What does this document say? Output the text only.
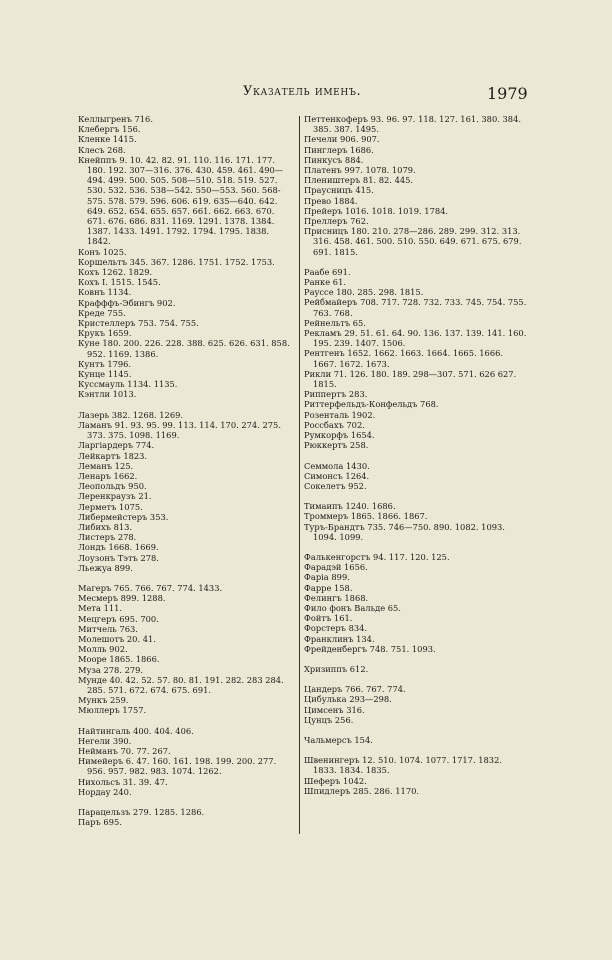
Указатель именъ.	1979

Келлыгренъ 716.

Клебергъ 156.

Кленке 1415.

Клесъ 268.

Кнейппъ 9. 10. 42. 82. 91. 110. 116. 171. 177. 180. 192. 307—316. 376. 430. 459. 461. 490—494. 499. 500. 505. 508—510. 518. 519. 527. 530. 532. 536. 538—542. 550—553. 560. 568-575. 578. 579. 596. 606. 619. 635—640. 642. 649. 652. 654. 655. 657. 661. 662. 663. 670. 671. 676. 686. 831. 1169. 1291. 1378. 1384. 1387. 1433. 1491. 1792. 1794. 1795. 1838. 1842.

Конъ 1025.

Коршельтъ 345. 367. 1286. 1751. 1752. 1753.

Кохъ 1262. 1829.

Кохъ I. 1515. 1545.

Ковнъ 1134.

Крафффъ-Эбингъ 902.

Креде 755.

Кристеллеръ 753. 754. 755.

Крукъ 1659.

Куне 180. 200. 226. 228. 388. 625. 626. 631. 858. 952. 1169. 1386.

Кунтъ 1796.

Кунце 1145.

Куссмауль 1134. 1135.

Кэнтли 1013.

Лазерь 382. 1268. 1269.

Ламанъ 91. 93. 95. 99. 113. 114. 170. 274. 275. 373. 375. 1098. 1169.

Ларгіардеръ 774.

Лейкартъ 1823.

Леманъ 125.

Ленаръ 1662.

Леопольдъ 950.

Леренкраузъ 21.

Лерметъ 1075.

Либермейстеръ 353.

Либихъ 813.

Листеръ 278.

Лондъ 1668. 1669.

Лоузонъ Тэтъ 278.

Льежуа 899.

Магеръ 765. 766. 767. 774. 1433.

Месмеръ 899. 1288.

Мета 111.

Мецгеръ 695. 700.

Митчель 763.

Молешотъ 20. 41.

Молль 902.

Мооре 1865. 1866.

Муза 278. 279.

Мунде 40. 42. 52. 57. 80. 81. 191. 282. 283 284. 285. 571. 672. 674. 675. 691.

Мункъ 259.

Мюллеръ 1757.

Найтингаль 400. 404. 406.

Негели 390.

Нейманъ 70. 77. 267.

Нимейеръ 6. 47. 160. 161. 198. 199. 200. 277. 956. 957. 982. 983. 1074. 1262.

Нихольсъ 31. 39. 47.

Нордау 240.

Парацельзъ 279. 1285. 1286.

Паръ 695.

Петтенкоферъ 93. 96. 97. 118. 127. 161. 380. 384. 385. 387. 1495.

Печели 906. 907.

Пинглеръ 1686.

Пинкусъ 884.

Платенъ 997. 1078. 1079.

Плеништеръ 81. 82. 445.

Праусницъ 415.

Прево 1884.

Прейеръ 1016. 1018. 1019. 1784.

Преллеръ 762.

Присницъ 180. 210. 278—286. 289. 299. 312. 313. 316. 458. 461. 500. 510. 550. 649. 671. 675. 679. 691. 1815.

Раабе 691.

Ранке 61.

Рауссе 180. 285. 298. 1815.

Рейбмайеръ 708. 717. 728. 732. 733. 745. 754. 755. 763. 768.

Рейнельтъ 65.

Рекламъ 29. 51. 61. 64. 90. 136. 137. 139. 141. 160. 195. 239. 1407. 1506.

Рентгенъ 1652. 1662. 1663. 1664. 1665. 1666. 1667. 1672. 1673.

Рикли 71. 126. 180. 189. 298—307. 571. 626 627. 1815.

Риппертъ 283.

Риттерфельдъ-Конфельдъ 768.

Розенталь 1902.

Россбахъ 702.

Румкорфъ 1654.

Рюккертъ 258.

Семмола 1430.

Симонсъ 1264.

Сокелетъ 952.

Тимаипъ 1240. 1686.

Троммеръ 1865. 1866. 1867.

Туръ-Брандтъ 735. 746—750. 890. 1082. 1093. 1094. 1099.

Фалькенгорстъ 94. 117. 120. 125.

Фарадэй 1656.

Фаріа 899.

Фарре 158.

Фелингъ 1868.

Фило фонъ Вальде 65.

Фойтъ 161.

Форстеръ 834.

Франклинъ 134.

Фрейденбергъ 748. 751. 1093.

Хризиппъ 612.

Цандеръ 766. 767. 774.

Цибулька 293—298.

Цимсенъ 316.

Цунцъ 256.

Чальмерсъ 154.

Швенингеръ 12. 510. 1074. 1077. 1717. 1832. 1833. 1834. 1835.

Шеферъ 1042.

Шпидлеръ 285. 286. 1170.
